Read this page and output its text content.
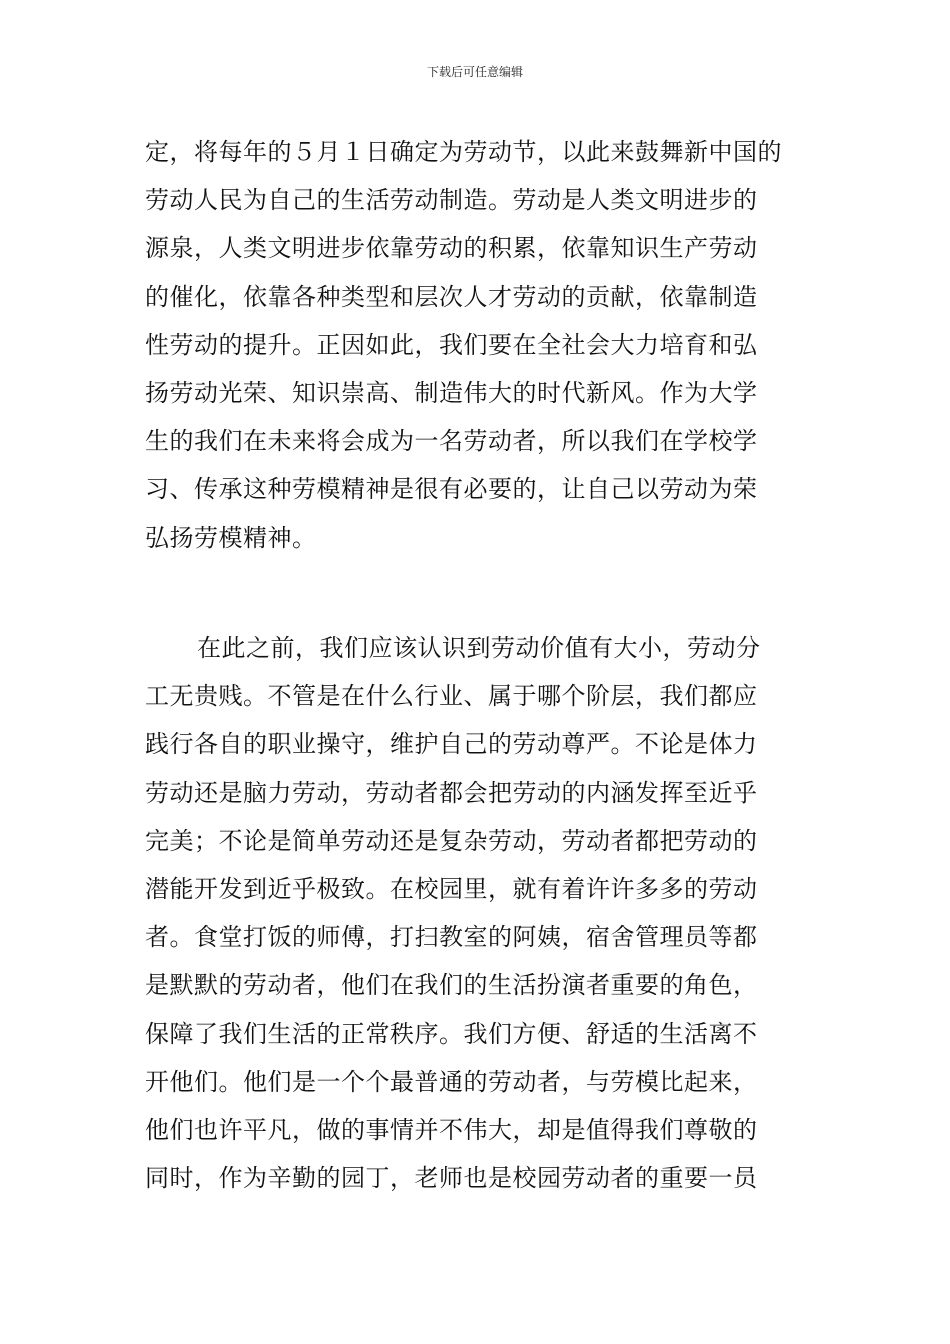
下载后可任意编辑
定，将每年的５月１日确定为劳动节，以此来鼓舞新中国的
劳动人民为自己的生活劳动制造。劳动是人类文明进步的
源泉，人类文明进步依靠劳动的积累，依靠知识生产劳动
的催化，依靠各种类型和层次人才劳动的贡献，依靠制造
性劳动的提升。正因如此，我们要在全社会大力培育和弘
扬劳动光荣、知识崇高、制造伟大的时代新风。作为大学
生的我们在未来将会成为一名劳动者，所以我们在学校学
习、传承这种劳模精神是很有必要的，让自己以劳动为荣
弘扬劳模精神。
在此之前，我们应该认识到劳动价值有大小，劳动分
工无贵贱。不管是在什么行业、属于哪个阶层，我们都应
践行各自的职业操守，维护自己的劳动尊严。不论是体力
劳动还是脑力劳动，劳动者都会把劳动的内涵发挥至近乎
完美；不论是简单劳动还是复杂劳动，劳动者都把劳动的
潜能开发到近乎极致。在校园里，就有着许许多多的劳动
者。食堂打饭的师傅，打扫教室的阿姨，宿舍管理员等都
是默默的劳动者，他们在我们的生活扮演者重要的角色，
保障了我们生活的正常秩序。我们方便、舒适的生活离不
开他们。他们是一个个最普通的劳动者，与劳模比起来，
他们也许平凡，做的事情并不伟大，却是值得我们尊敬的
同时，作为辛勤的园丁，老师也是校园劳动者的重要一员
